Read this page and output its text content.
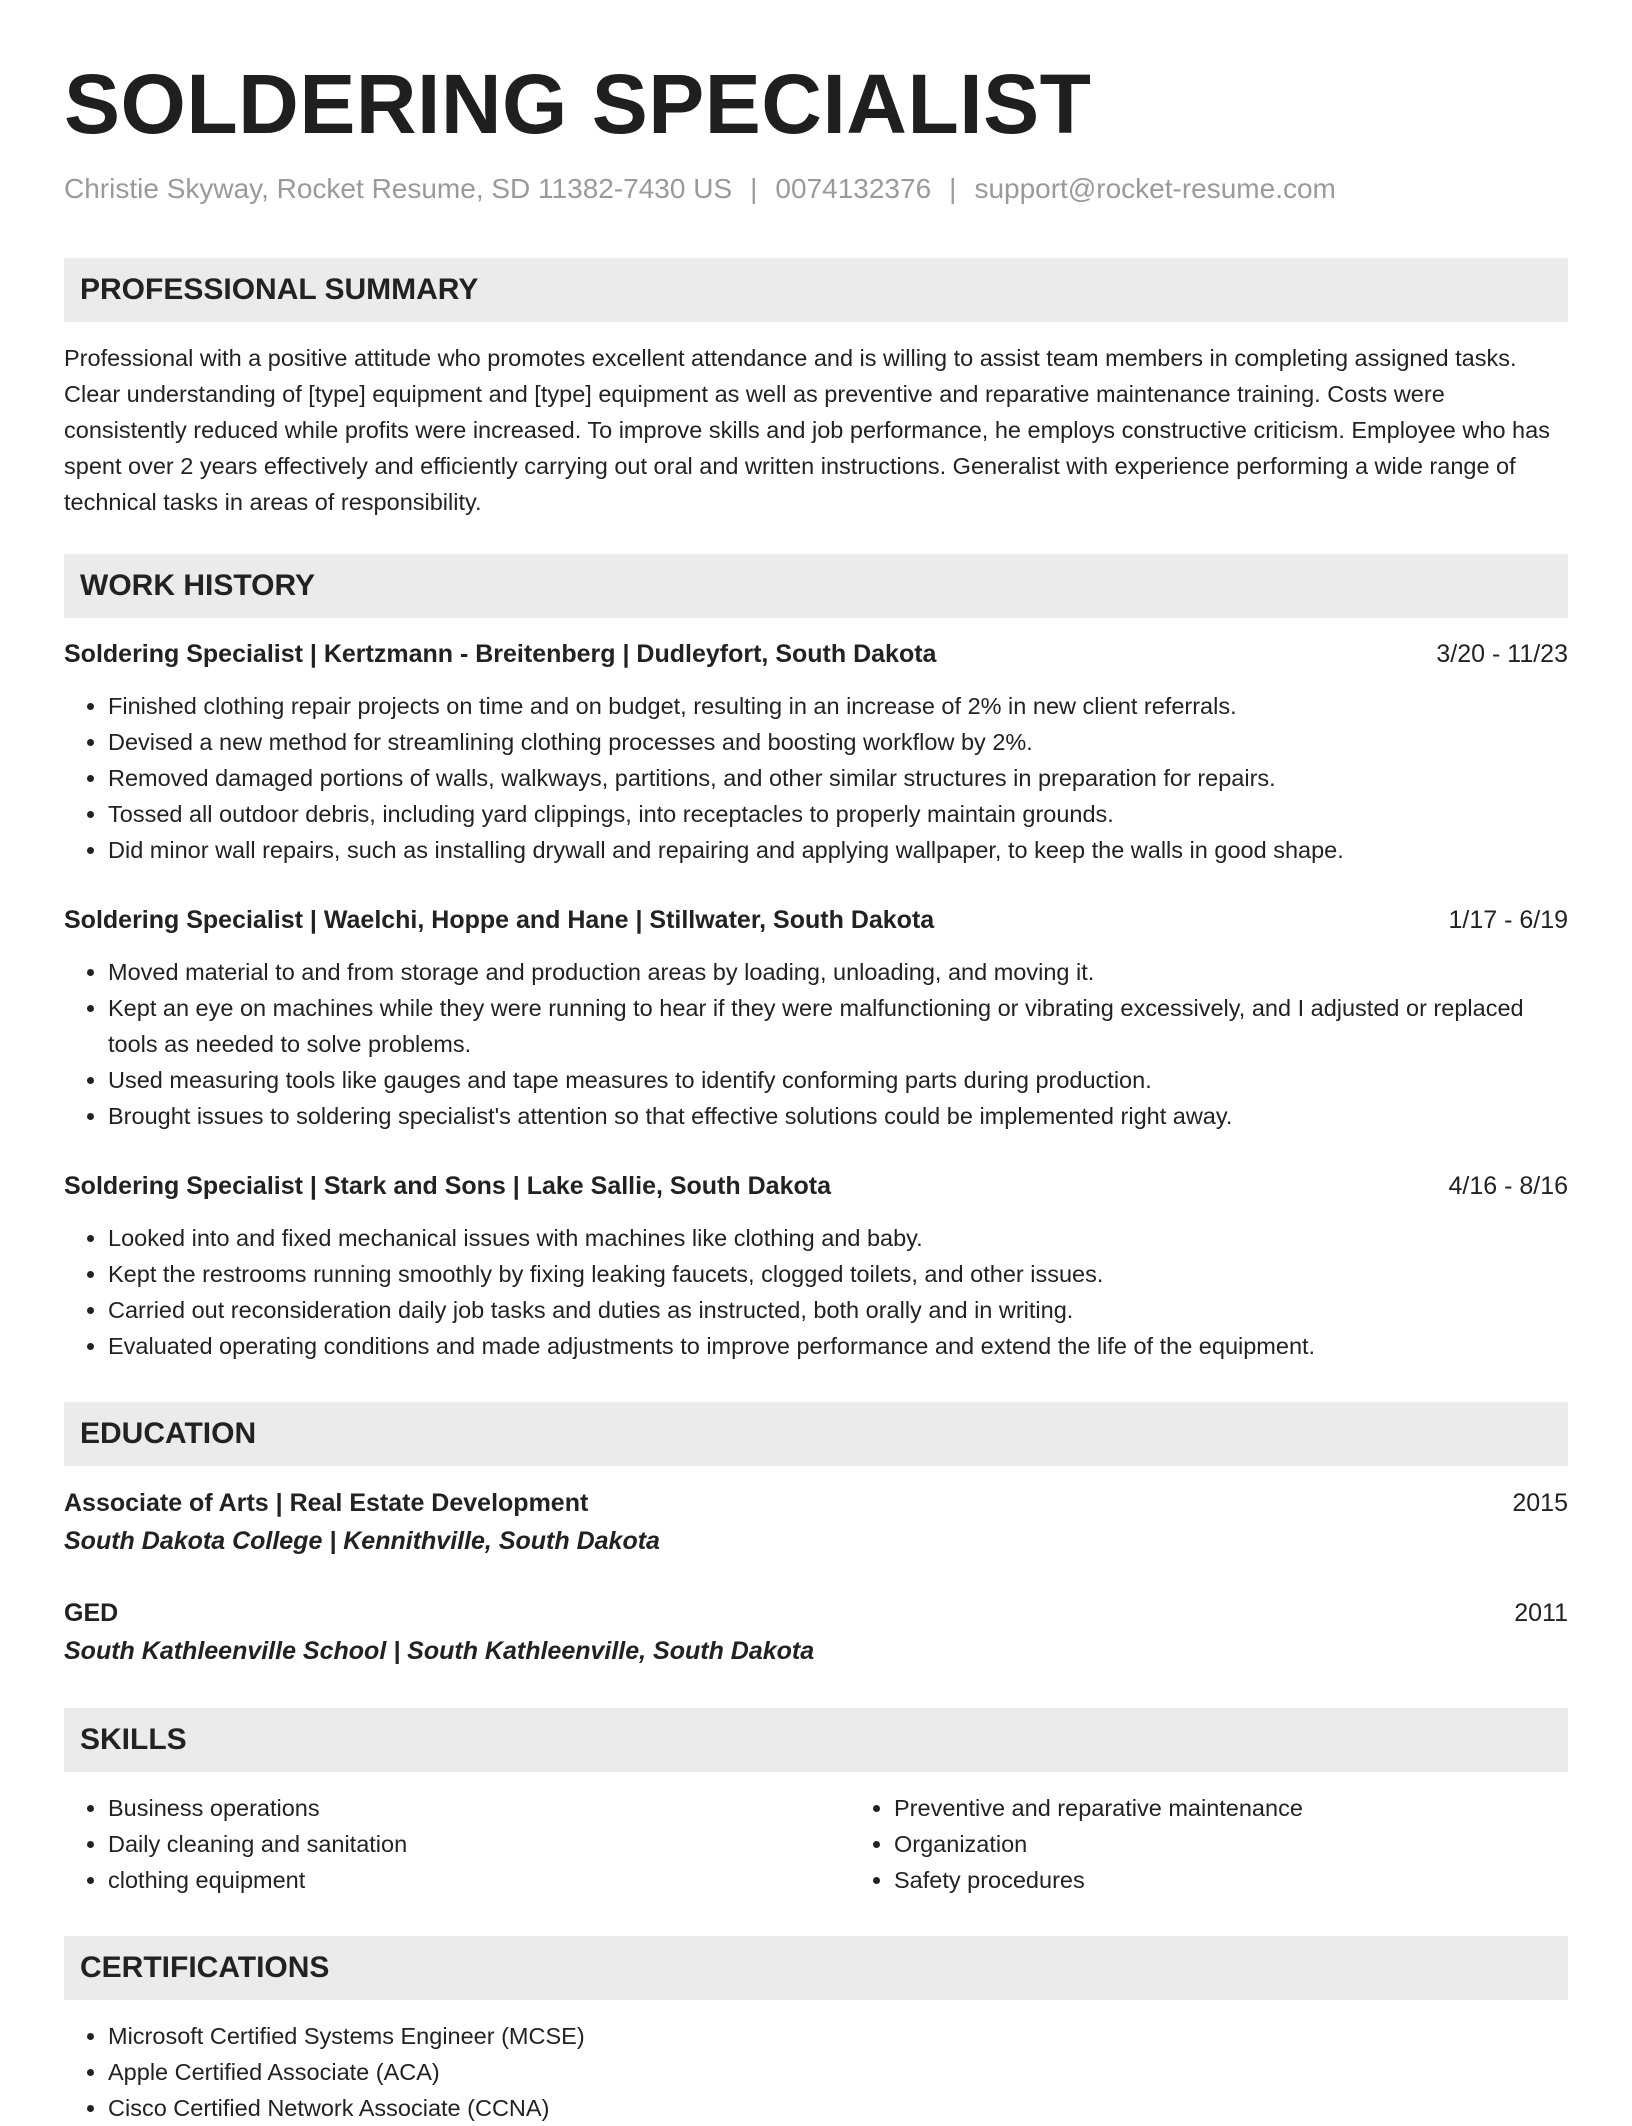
SOLDERING SPECIALIST
Christie Skyway, Rocket Resume, SD 11382-7430 US | 0074132376 | support@rocket-resume.com
PROFESSIONAL SUMMARY

Professional with a positive attitude who promotes excellent attendance and is willing to assist team members in completing assigned tasks. Clear understanding of [type] equipment and [type] equipment as well as preventive and reparative maintenance training. Costs were consistently reduced while profits were increased. To improve skills and job performance, he employs constructive criticism. Employee who has spent over 2 years effectively and efficiently carrying out oral and written instructions. Generalist with experience performing a wide range of technical tasks in areas of responsibility.

WORK HISTORY
Soldering Specialist | Kertzmann - Breitenberg | Dudleyfort, South Dakota	3/20 - 11/23
• Finished clothing repair projects on time and on budget, resulting in an increase of 2% in new client referrals.
• Devised a new method for streamlining clothing processes and boosting workflow by 2%.
• Removed damaged portions of walls, walkways, partitions, and other similar structures in preparation for repairs.
• Tossed all outdoor debris, including yard clippings, into receptacles to properly maintain grounds.
• Did minor wall repairs, such as installing drywall and repairing and applying wallpaper, to keep the walls in good shape.
Soldering Specialist | Waelchi, Hoppe and Hane | Stillwater, South Dakota	1/17 - 6/19
• Moved material to and from storage and production areas by loading, unloading, and moving it.
• Kept an eye on machines while they were running to hear if they were malfunctioning or vibrating excessively, and I adjusted or replaced tools as needed to solve problems.
• Used measuring tools like gauges and tape measures to identify conforming parts during production.
• Brought issues to soldering specialist's attention so that effective solutions could be implemented right away.
Soldering Specialist | Stark and Sons | Lake Sallie, South Dakota	4/16 - 8/16
• Looked into and fixed mechanical issues with machines like clothing and baby.
• Kept the restrooms running smoothly by fixing leaking faucets, clogged toilets, and other issues.
• Carried out reconsideration daily job tasks and duties as instructed, both orally and in writing.
• Evaluated operating conditions and made adjustments to improve performance and extend the life of the equipment.
EDUCATION
Associate of Arts | Real Estate Development	2015
South Dakota College | Kennithville, South Dakota
GED	2011
South Kathleenville School | South Kathleenville, South Dakota
SKILLS
• Business operations
• Daily cleaning and sanitation
• clothing equipment
• Preventive and reparative maintenance
• Organization
• Safety procedures
CERTIFICATIONS
• Microsoft Certified Systems Engineer (MCSE)
• Apple Certified Associate (ACA)
• Cisco Certified Network Associate (CCNA)
